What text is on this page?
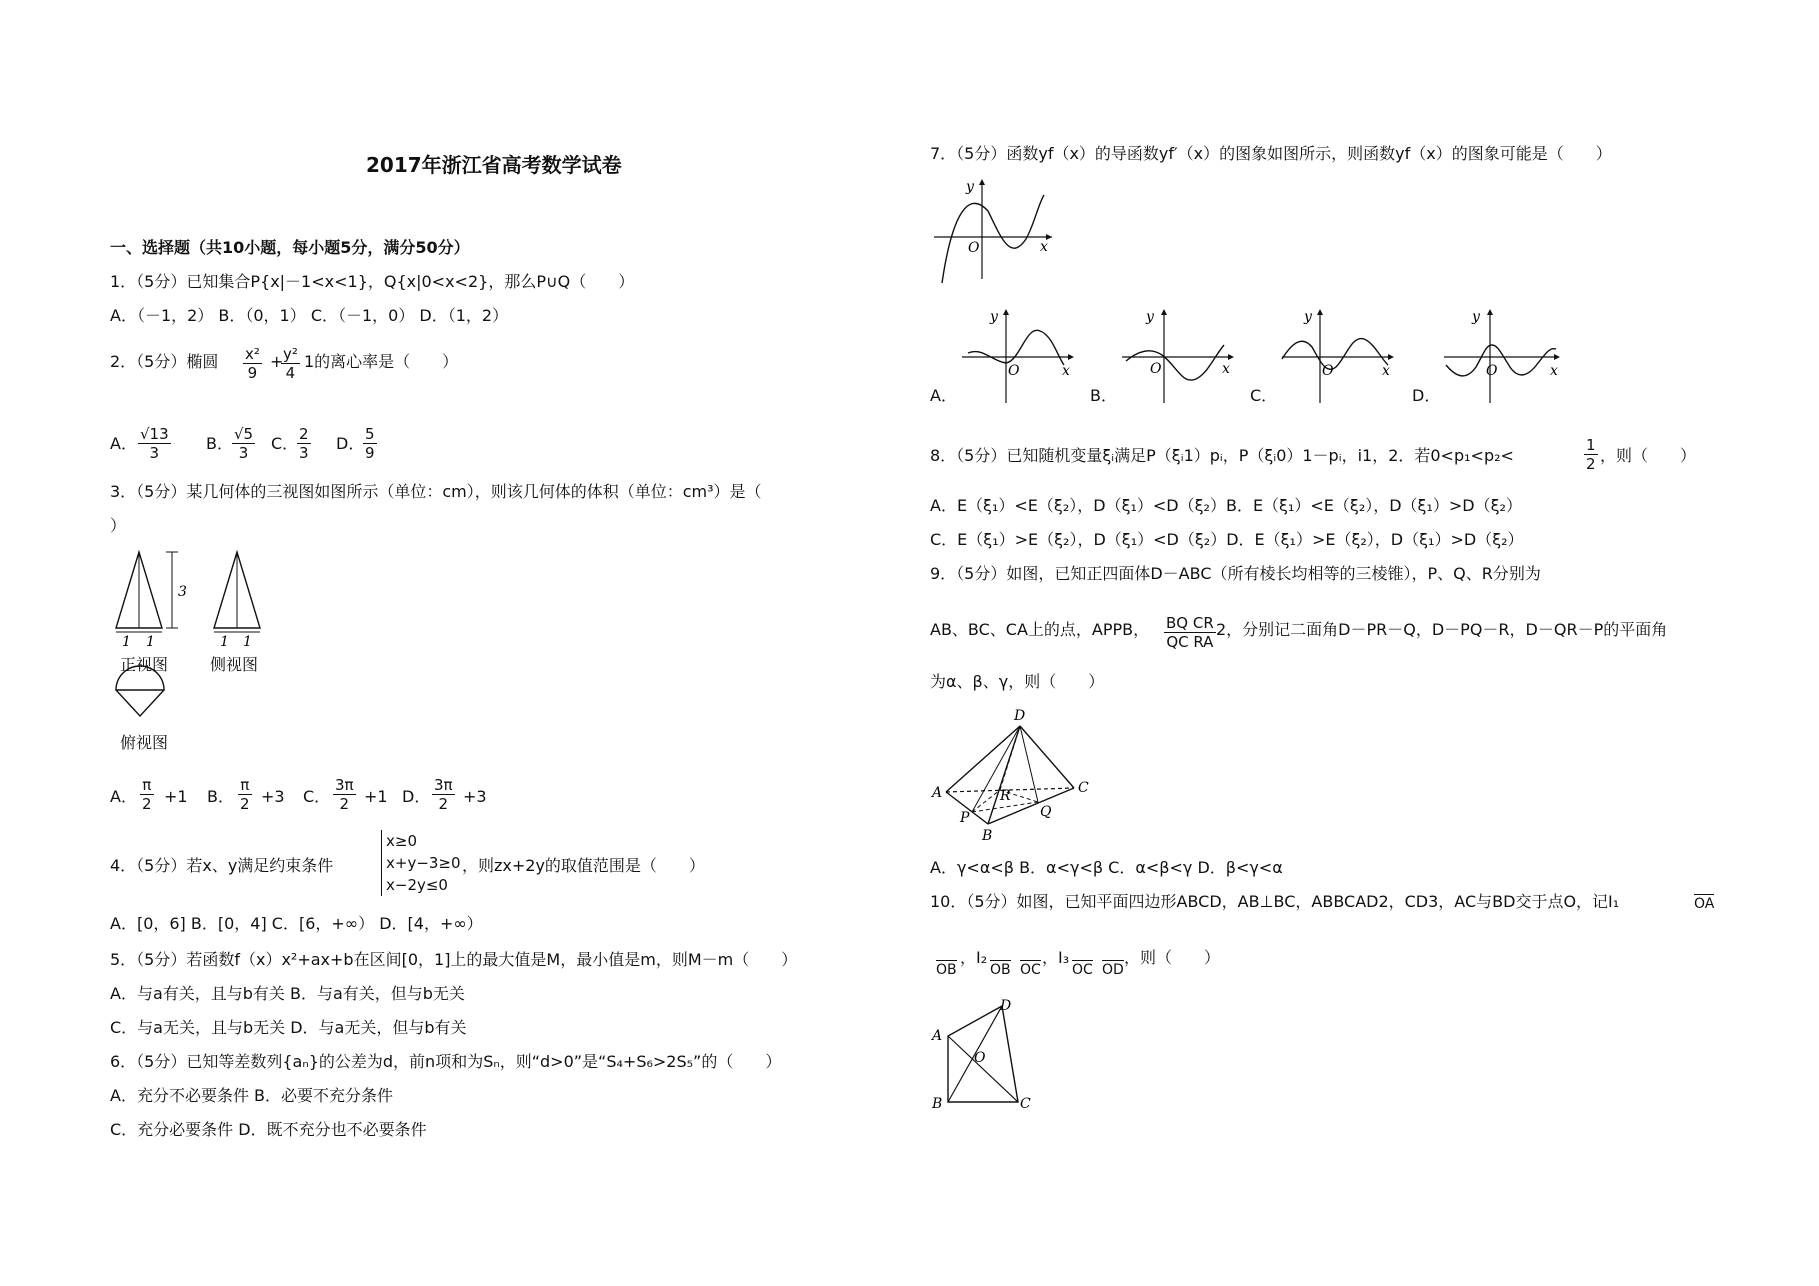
2017年浙江省高考数学试卷
一、选择题（共10小题，每小题5分，满分50分）
1．（5分）已知集合P{x|－1<x<1}，Q{x|0<x<2}，那么P∪Q（　　）
A．（－1，2） B．（0，1） C．（－1，0） D．（1，2）
2．（5分）椭圆 $\frac{\text{x²}}{9}$ +
$\frac{\text{y²}}{4} 1$的离心率是（　　）
A． $\frac{√13}{3}$ B． $\frac{√5}{3}$ C．
$\frac{2}{3}$ D．
$\frac{5}{9}$
3．（5分）某几何体的三视图如图所示（单位：cm），则该几何体的体积（单位：cm³）是（
）
3
1 1	1 1
正视图	侧视图
俯视图
A． $\frac{\pi}{2} +1$ B． $\frac{\pi}{2} +3$ C． $\frac{3\pi}{2} +1$ D． $\frac{3\pi}{2} +3$
4．（5分）若x、y满足约束条件
x≥0
x+y−3≥0
x−2y≤0
，则zx+2y的取值范围是（　　）
A．[0，6] B．[0，4] C．[6，+∞） D．[4，+∞）
5．（5分）若函数f（x）x²+ax+b在区间[0，1]上的最大值是M，最小值是m，则M－m（　　）
A．与a有关，且与b有关 B．与a有关，但与b无关
C．与a无关，且与b无关 D．与a无关，但与b有关
6．（5分）已知等差数列{aₙ}的公差为d，前n项和为Sₙ，则“d>0”是“S₄+S₆>2S₅”的（　　）
A．充分不必要条件 B．必要不充分条件
C．充分必要条件 D．既不充分也不必要条件
7．（5分）函数yf（x）的导函数yf′（x）的图象如图所示，则函数yf（x）的图象可能是（　　）
y
O	x
A．
y
O	x
B．
y
O	x
C．
y
O	x
D．
y
O	x
8．（5分）已知随机变量ξᵢ满足P（ξᵢ1）pᵢ，P（ξᵢ0）1－pᵢ，i1，2．若0<p₁<p₂<	$\frac{1}{2}$ ，则（　　）
A．E（ξ₁）<E（ξ₂），D（ξ₁）<D（ξ₂）B．E（ξ₁）<E（ξ₂），D（ξ₁）>D（ξ₂）
C．E（ξ₁）>E（ξ₂），D（ξ₁）<D（ξ₂）D．E（ξ₁）>E（ξ₂），D（ξ₁）>D（ξ₂）
9．（5分）如图，已知正四面体D－ABC（所有棱长均相等的三棱锥），P、Q、R分别为
AB、BC、CA上的点，APPB， $\frac{\text{BQ CR}}{\text{QC RA}} 2$，分别记二面角D－PR－Q，D－PQ－R，D－QR－P的平面角
为α、β、γ，则（　　）
D
A	C
R
P	Q
B
A．γ<α<β B．α<γ<β C．α<β<γ D．β<γ<α
10．（5分）如图，已知平面四边形ABCD，AB⊥BC，ABBCAD2，CD3，AC与BD交于点O，记I₁	OA
OB
，I₂
OB OC
，I₃
OC OD
，则（　　）
D
A
O
B	C
